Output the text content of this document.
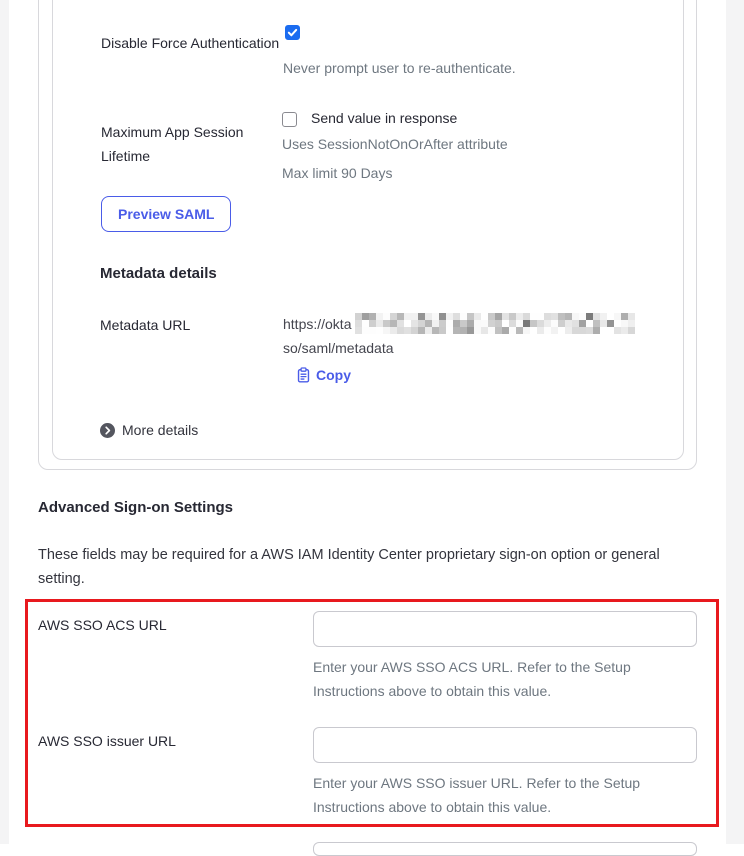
Disable Force Authentication
Never prompt user to re-authenticate.
Maximum App Session Lifetime
Send value in response
Uses SessionNotOnOrAfter attribute
Max limit 90 Days
Preview SAML
Metadata details
Metadata URL	https://okta
so/saml/metadata
Copy
More details
Advanced Sign-on Settings
These fields may be required for a AWS IAM Identity Center proprietary sign-on option or general setting.
AWS SSO ACS URL
Enter your AWS SSO ACS URL. Refer to the Setup Instructions above to obtain this value.
AWS SSO issuer URL
Enter your AWS SSO issuer URL. Refer to the Setup Instructions above to obtain this value.
